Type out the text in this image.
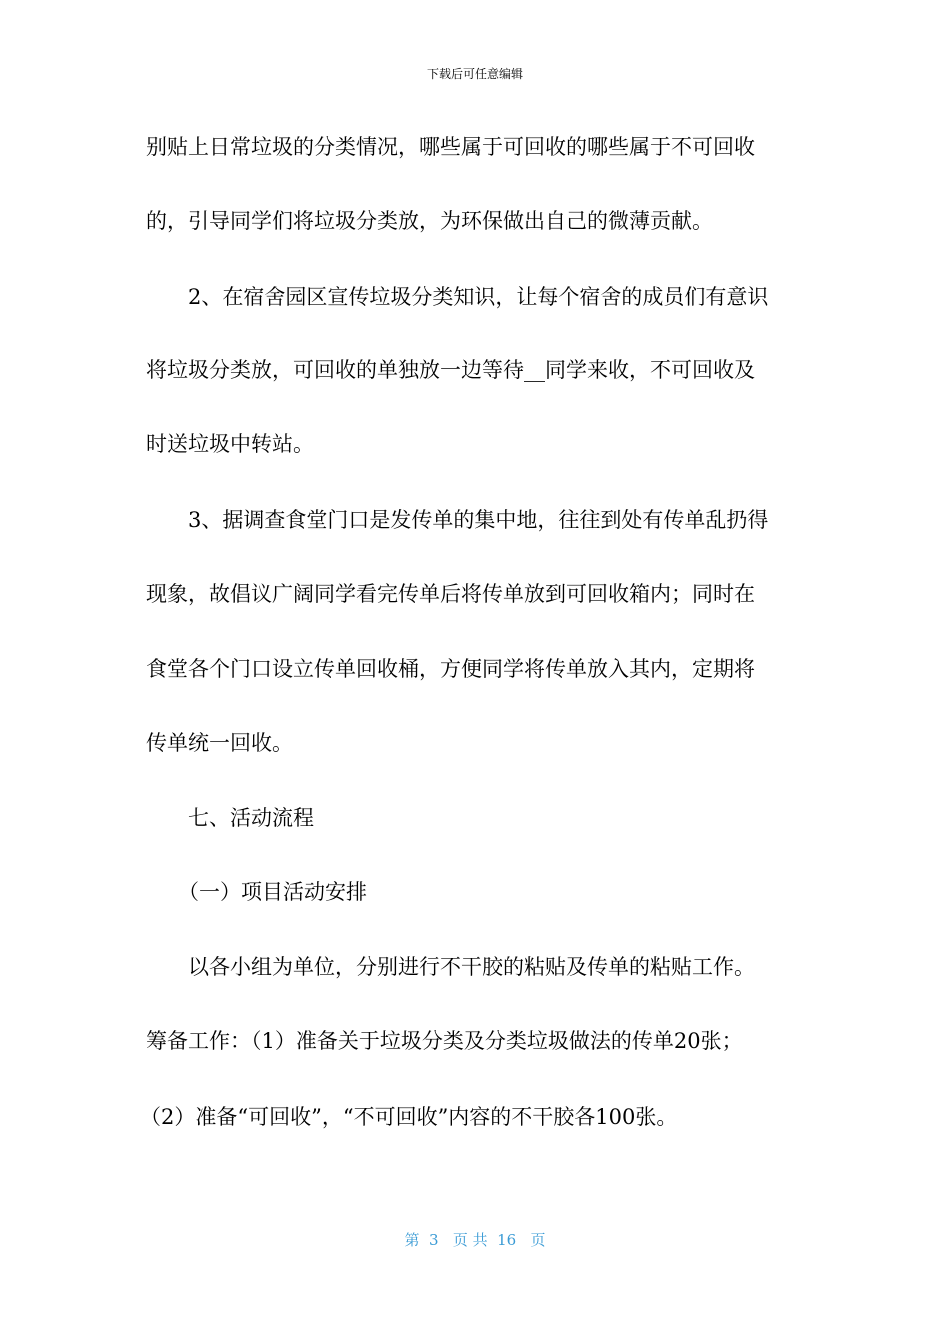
下载后可任意编辑
别贴上日常垃圾的分类情况，哪些属于可回收的哪些属于不可回收
的，引导同学们将垃圾分类放，为环保做出自己的微薄贡献。
2、在宿舍园区宣传垃圾分类知识，让每个宿舍的成员们有意识
将垃圾分类放，可回收的单独放一边等待__同学来收，不可回收及
时送垃圾中转站。
3、据调查食堂门口是发传单的集中地，往往到处有传单乱扔得
现象，故倡议广阔同学看完传单后将传单放到可回收箱内；同时在
食堂各个门口设立传单回收桶，方便同学将传单放入其内，定期将
传单统一回收。
七、活动流程
（一）项目活动安排
以各小组为单位，分别进行不干胶的粘贴及传单的粘贴工作。
筹备工作：（1）准备关于垃圾分类及分类垃圾做法的传单20张；
（2）准备“可回收”，“不可回收”内容的不干胶各100张。
第  3   页 共  16   页
